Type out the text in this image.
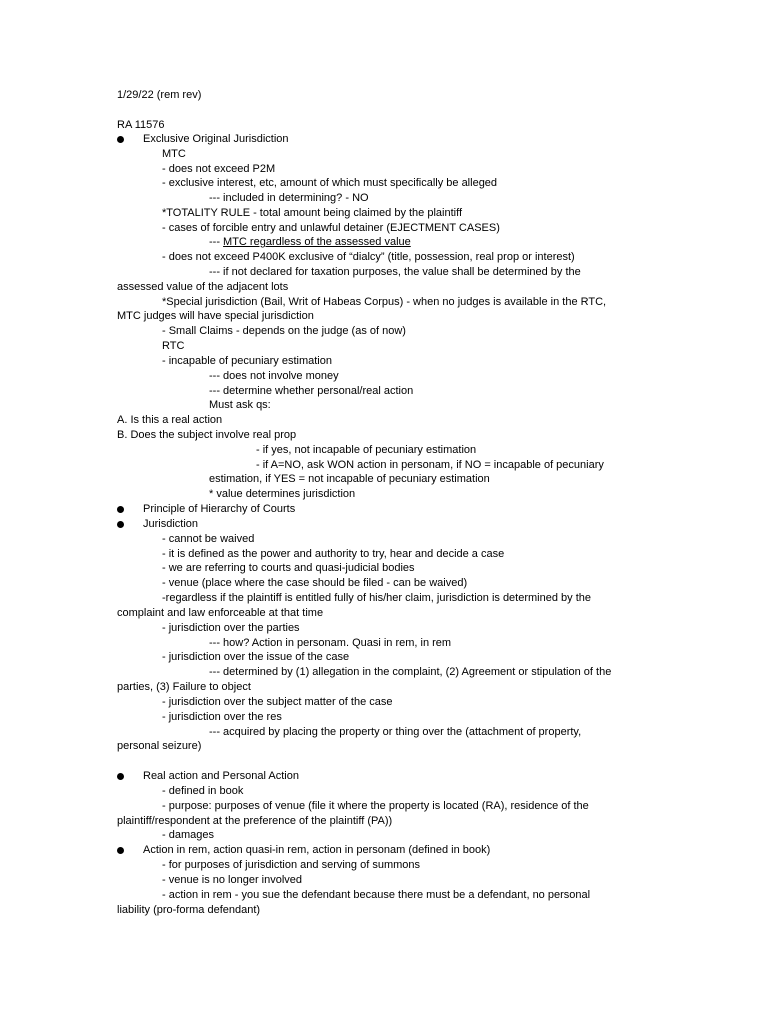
1/29/22 (rem rev)
RA 11576
Exclusive Original Jurisdiction
MTC
- does not exceed P2M
- exclusive interest, etc, amount of which must specifically be alleged
--- included in determining? - NO
*TOTALITY RULE - total amount being claimed by the plaintiff
- cases of forcible entry and unlawful detainer (EJECTMENT CASES)
--- MTC regardless of the assessed value
- does not exceed P400K exclusive of “dialcy” (title, possession, real prop or interest)
--- if not declared for taxation purposes, the value shall be determined by the
assessed value of the adjacent lots
*Special jurisdiction (Bail, Writ of Habeas Corpus) - when no judges is available in the RTC,
MTC judges will have special jurisdiction
- Small Claims - depends on the judge (as of now)
RTC
- incapable of pecuniary estimation
--- does not involve money
--- determine whether personal/real action
Must ask qs:
A. Is this a real action
B. Does the subject involve real prop
- if yes, not incapable of pecuniary estimation
- if A=NO, ask WON action in personam, if NO = incapable of pecuniary
estimation, if YES = not incapable of pecuniary estimation
* value determines jurisdiction
Principle of Hierarchy of Courts
Jurisdiction
- cannot be waived
- it is defined as the power and authority to try, hear and decide a case
- we are referring to courts and quasi-judicial bodies
- venue (place where the case should be filed - can be waived)
-regardless if the plaintiff is entitled fully of his/her claim, jurisdiction is determined by the
complaint and law enforceable at that time
- jurisdiction over the parties
--- how? Action in personam. Quasi in rem, in rem
- jurisdiction over the issue of the case
--- determined by (1) allegation in the complaint, (2) Agreement or stipulation of the
parties, (3) Failure to object
- jurisdiction over the subject matter of the case
- jurisdiction over the res
--- acquired by placing the property or thing over the (attachment of property,
personal seizure)
Real action and Personal Action
- defined in book
- purpose: purposes of venue (file it where the property is located (RA), residence of the
plaintiff/respondent at the preference of the plaintiff (PA))
- damages
Action in rem, action quasi-in rem, action in personam (defined in book)
- for purposes of jurisdiction and serving of summons
- venue is no longer involved
- action in rem - you sue the defendant because there must be a defendant, no personal
liability (pro-forma defendant)
